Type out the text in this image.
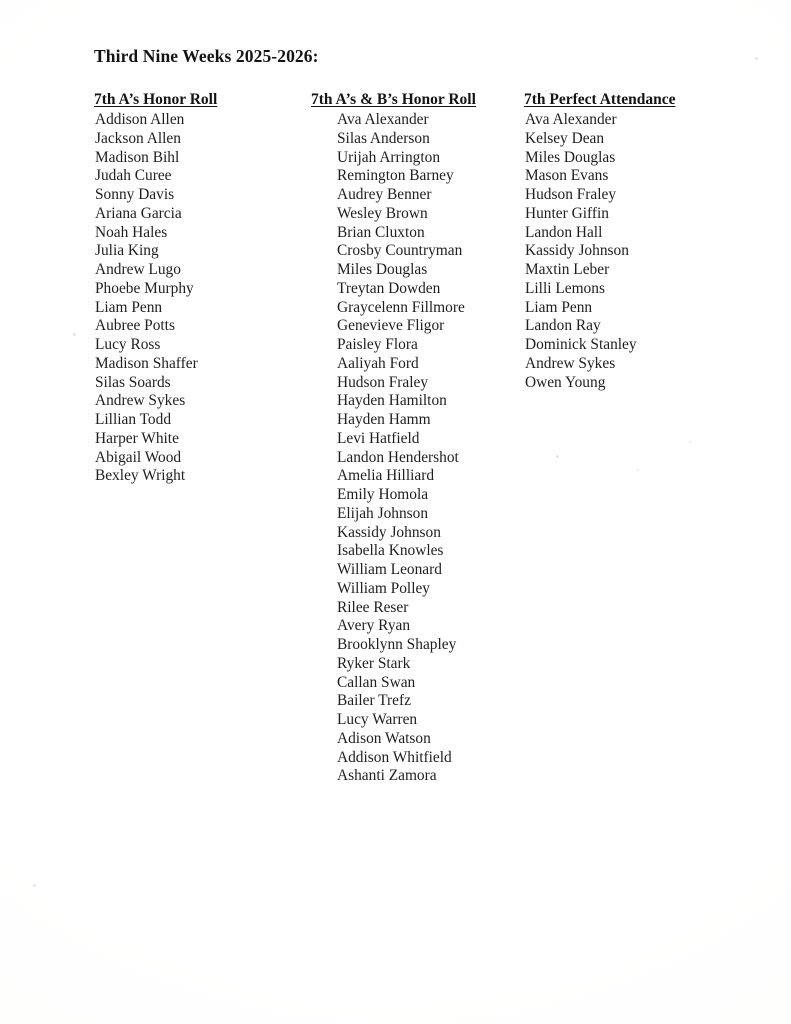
Third Nine Weeks 2025-2026:
7th A’s Honor Roll
Addison Allen
Jackson Allen
Madison Bihl
Judah Curee
Sonny Davis
Ariana Garcia
Noah Hales
Julia King
Andrew Lugo
Phoebe Murphy
Liam Penn
Aubree Potts
Lucy Ross
Madison Shaffer
Silas Soards
Andrew Sykes
Lillian Todd
Harper White
Abigail Wood
Bexley Wright
7th A’s & B’s Honor Roll
Ava Alexander
Silas Anderson
Urijah Arrington
Remington Barney
Audrey Benner
Wesley Brown
Brian Cluxton
Crosby Countryman
Miles Douglas
Treytan Dowden
Graycelenn Fillmore
Genevieve Fligor
Paisley Flora
Aaliyah Ford
Hudson Fraley
Hayden Hamilton
Hayden Hamm
Levi Hatfield
Landon Hendershot
Amelia Hilliard
Emily Homola
Elijah Johnson
Kassidy Johnson
Isabella Knowles
William Leonard
William Polley
Rilee Reser
Avery Ryan
Brooklynn Shapley
Ryker Stark
Callan Swan
Bailer Trefz
Lucy Warren
Adison Watson
Addison Whitfield
Ashanti Zamora
7th Perfect Attendance
Ava Alexander
Kelsey Dean
Miles Douglas
Mason Evans
Hudson Fraley
Hunter Giffin
Landon Hall
Kassidy Johnson
Maxtin Leber
Lilli Lemons
Liam Penn
Landon Ray
Dominick Stanley
Andrew Sykes
Owen Young
